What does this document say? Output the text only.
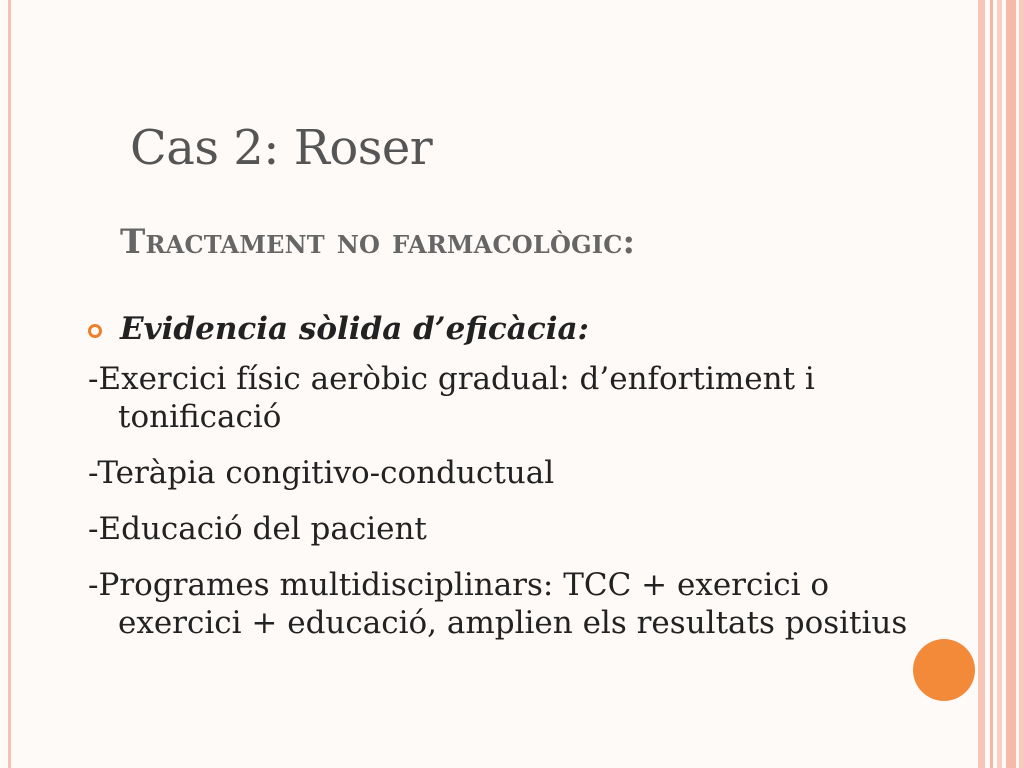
Cas 2: Roser
Tractament no farmacològic:
Evidencia sòlida d’eficàcia:
-Exercici físic aeròbic gradual: d’enfortiment i tonificació
-Teràpia congitivo-conductual
-Educació del pacient
-Programes multidisciplinars: TCC + exercici o exercici + educació, amplien els resultats positius
